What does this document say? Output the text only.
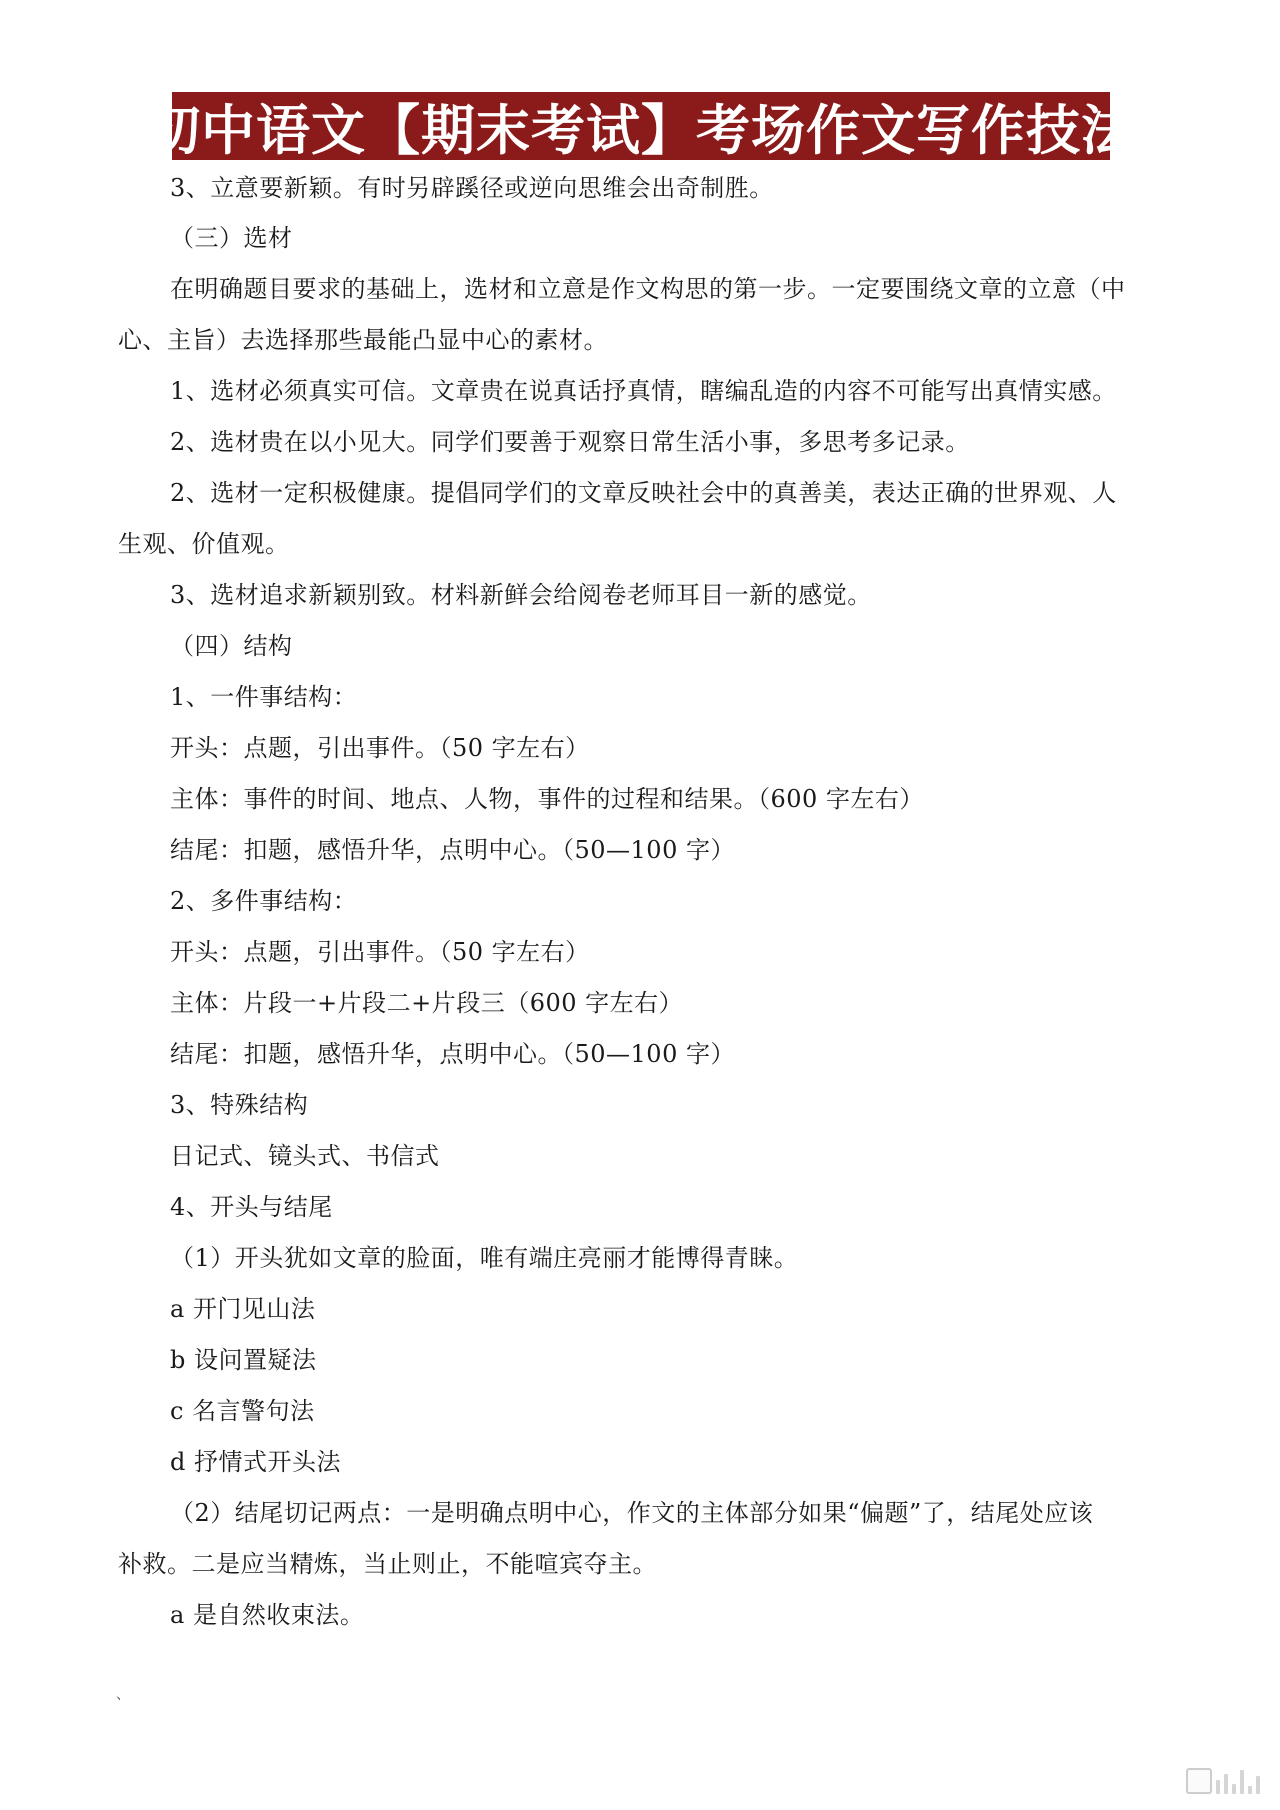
初中语文【期末考试】考场作文写作技法
3、立意要新颖。有时另辟蹊径或逆向思维会出奇制胜。
（三）选材
在明确题目要求的基础上，选材和立意是作文构思的第一步。一定要围绕文章的立意（中
心、主旨）去选择那些最能凸显中心的素材。
1、选材必须真实可信。文章贵在说真话抒真情，瞎编乱造的内容不可能写出真情实感。
2、选材贵在以小见大。同学们要善于观察日常生活小事，多思考多记录。
2、选材一定积极健康。提倡同学们的文章反映社会中的真善美，表达正确的世界观、人
生观、价值观。
3、选材追求新颖别致。材料新鲜会给阅卷老师耳目一新的感觉。
（四）结构
1、一件事结构：
开头：点题，引出事件。（50 字左右）
主体：事件的时间、地点、人物，事件的过程和结果。（600 字左右）
结尾：扣题，感悟升华，点明中心。（50—100 字）
2、多件事结构：
开头：点题，引出事件。（50 字左右）
主体：片段一+片段二+片段三（600 字左右）
结尾：扣题，感悟升华，点明中心。（50—100 字）
3、特殊结构
日记式、镜头式、书信式
4、开头与结尾
（1）开头犹如文章的脸面，唯有端庄亮丽才能博得青睐。
a 开门见山法
b 设问置疑法
c 名言警句法
d 抒情式开头法
（2）结尾切记两点：一是明确点明中心，作文的主体部分如果“偏题”了，结尾处应该
补救。二是应当精炼，当止则止，不能喧宾夺主。
a 是自然收束法。
、
